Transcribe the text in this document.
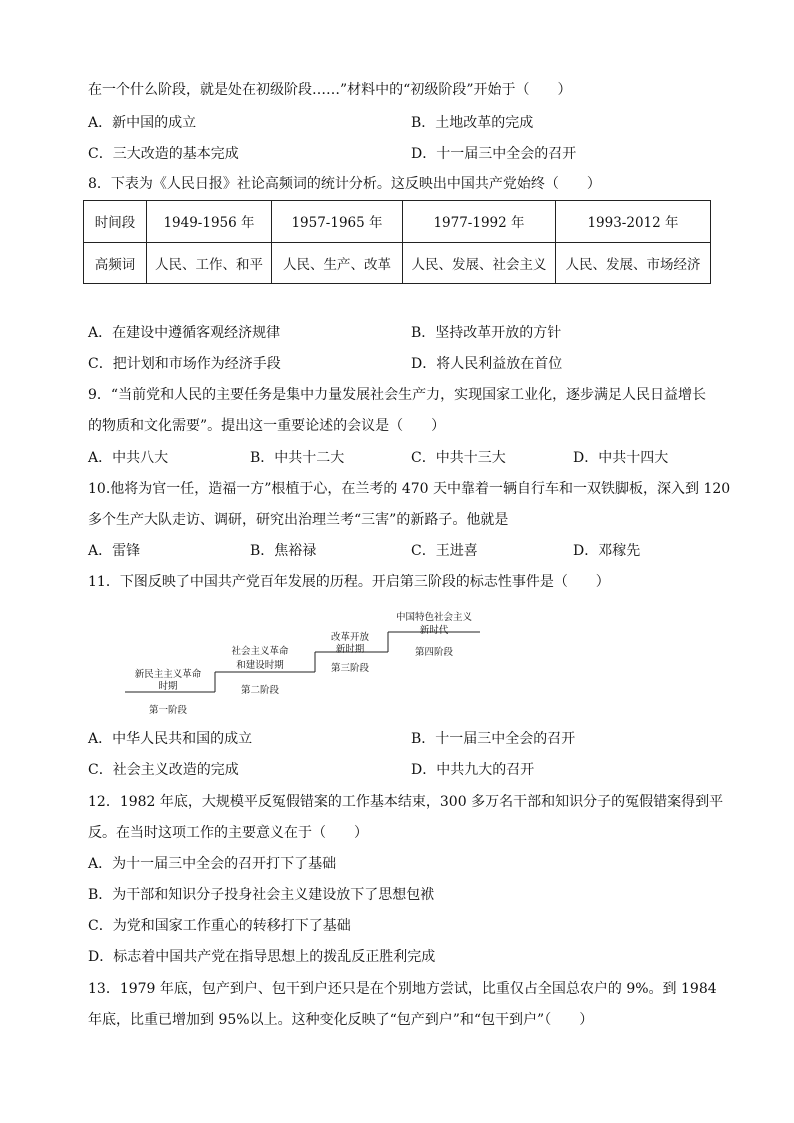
在一个什么阶段，就是处在初级阶段……”材料中的“初级阶段”开始于（　　）
A．新中国的成立	B．土地改革的完成
C．三大改造的基本完成	D．十一届三中全会的召开
8．下表为《人民日报》社论高频词的统计分析。这反映出中国共产党始终（　　）
时间段	1949-1956 年	1957-1965 年	1977-1992 年	1993-2012 年
高频词	人民、工作、和平	人民、生产、改革	人民、发展、社会主义	人民、发展、市场经济
A．在建设中遵循客观经济规律	B．坚持改革开放的方针
C．把计划和市场作为经济手段	D．将人民利益放在首位
9．“当前党和人民的主要任务是集中力量发展社会生产力，实现国家工业化，逐步满足人民日益增长
的物质和文化需要”。提出这一重要论述的会议是（　　）
A．中共八大	B．中共十二大	C．中共十三大	D．中共十四大
10.他将为官一任，造福一方”根植于心，在兰考的 470 天中靠着一辆自行车和一双铁脚板，深入到 120
多个生产大队走访、调研，研究出治理兰考“三害”的新路子。他就是
A．雷锋	B．焦裕禄	C．王进喜	D．邓稼先
11．下图反映了中国共产党百年发展的历程。开启第三阶段的标志性事件是（　　）
新民主主义革命
时期
第一阶段
社会主义革命
和建设时期
第二阶段
改革开放
新时期
第三阶段
中国特色社会主义
新时代
第四阶段
A．中华人民共和国的成立	B．十一届三中全会的召开
C．社会主义改造的完成	D．中共九大的召开
12．1982 年底，大规模平反冤假错案的工作基本结束，300 多万名干部和知识分子的冤假错案得到平
反。在当时这项工作的主要意义在于（　　）
A．为十一届三中全会的召开打下了基础
B．为干部和知识分子投身社会主义建设放下了思想包袱
C．为党和国家工作重心的转移打下了基础
D．标志着中国共产党在指导思想上的拨乱反正胜利完成
13．1979 年底，包产到户、包干到户还只是在个别地方尝试，比重仅占全国总农户的 9%。到 1984
年底，比重已增加到 95%以上。这种变化反映了“包产到户”和“包干到户”（　　）
